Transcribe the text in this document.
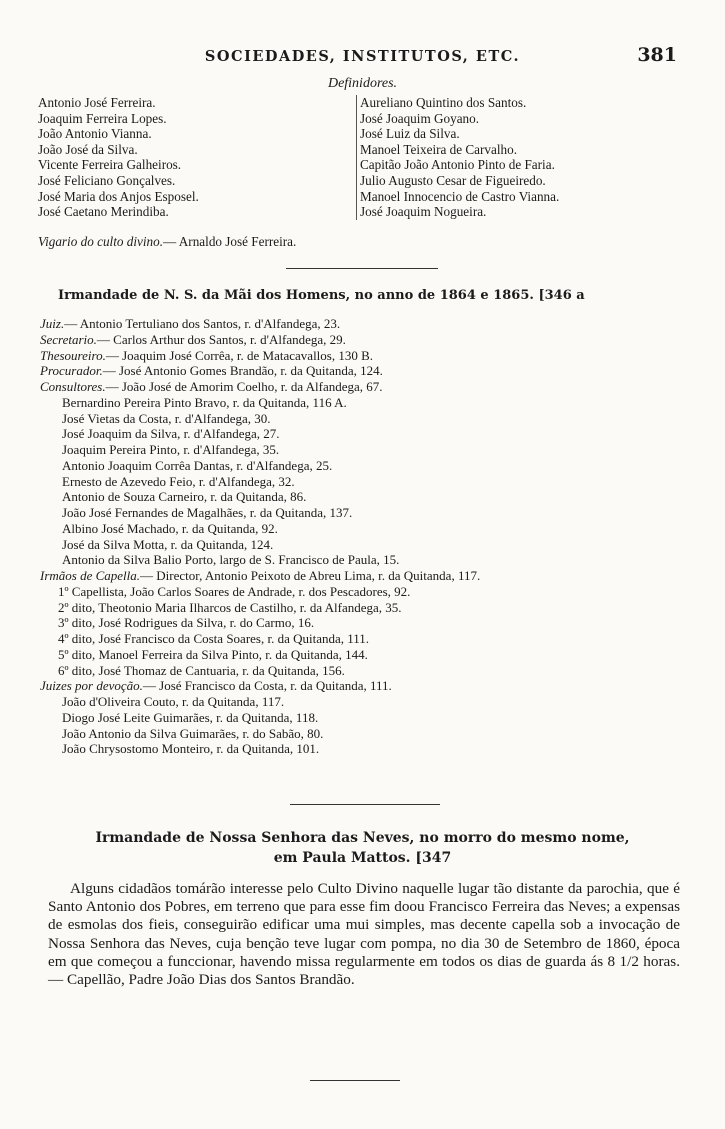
SOCIEDADES, INSTITUTOS, ETC.	381
Definidores.
Antonio José Ferreira.
Joaquim Ferreira Lopes.
João Antonio Vianna.
João José da Silva.
Vicente Ferreira Galheiros.
José Feliciano Gonçalves.
José Maria dos Anjos Esposel.
José Caetano Merindiba.
Aureliano Quintino dos Santos.
José Joaquim Goyano.
José Luiz da Silva.
Manoel Teixeira de Carvalho.
Capitão João Antonio Pinto de Faria.
Julio Augusto Cesar de Figueiredo.
Manoel Innocencio de Castro Vianna.
José Joaquim Nogueira.
Vigario do culto divino.— Arnaldo José Ferreira.
Irmandade de N. S. da Mãi dos Homens, no anno de 1864 e 1865. [346 a
Juiz.— Antonio Tertuliano dos Santos, r. d'Alfandega, 23.
Secretario.— Carlos Arthur dos Santos, r. d'Alfandega, 29.
Thesoureiro.— Joaquim José Corrêa, r. de Matacavallos, 130 B.
Procurador.— José Antonio Gomes Brandão, r. da Quitanda, 124.
Consultores.— João José de Amorim Coelho, r. da Alfandega, 67.
Bernardino Pereira Pinto Bravo, r. da Quitanda, 116 A.
José Vietas da Costa, r. d'Alfandega, 30.
José Joaquim da Silva, r. d'Alfandega, 27.
Joaquim Pereira Pinto, r. d'Alfandega, 35.
Antonio Joaquim Corrêa Dantas, r. d'Alfandega, 25.
Ernesto de Azevedo Feio, r. d'Alfandega, 32.
Antonio de Souza Carneiro, r. da Quitanda, 86.
João José Fernandes de Magalhães, r. da Quitanda, 137.
Albino José Machado, r. da Quitanda, 92.
José da Silva Motta, r. da Quitanda, 124.
Antonio da Silva Balio Porto, largo de S. Francisco de Paula, 15.
Irmãos de Capella.— Director, Antonio Peixoto de Abreu Lima, r. da Quitanda, 117.
1º Capellista, João Carlos Soares de Andrade, r. dos Pescadores, 92.
2º dito, Theotonio Maria Ilharcos de Castilho, r. da Alfandega, 35.
3º dito, José Rodrigues da Silva, r. do Carmo, 16.
4º dito, José Francisco da Costa Soares, r. da Quitanda, 111.
5º dito, Manoel Ferreira da Silva Pinto, r. da Quitanda, 144.
6º dito, José Thomaz de Cantuaria, r. da Quitanda, 156.
Juizes por devoção.— José Francisco da Costa, r. da Quitanda, 111.
João d'Oliveira Couto, r. da Quitanda, 117.
Diogo José Leite Guimarães, r. da Quitanda, 118.
João Antonio da Silva Guimarães, r. do Sabão, 80.
João Chrysostomo Monteiro, r. da Quitanda, 101.
Irmandade de Nossa Senhora das Neves, no morro do mesmo nome,
em Paula Mattos. [347

Alguns cidadãos tomárão interesse pelo Culto Divino naquelle lugar tão distante da parochia, que é Santo Antonio dos Pobres, em terreno que para esse fim doou Francisco Ferreira das Neves; a expensas de esmolas dos fieis, conseguirão edificar uma mui simples, mas decente capella sob a invocação de Nossa Senhora das Neves, cuja benção teve lugar com pompa, no dia 30 de Setembro de 1860, época em que começou a funccionar, havendo missa regularmente em todos os dias de guarda ás 8 1/2 horas. — Capellão, Padre João Dias dos Santos Brandão.
